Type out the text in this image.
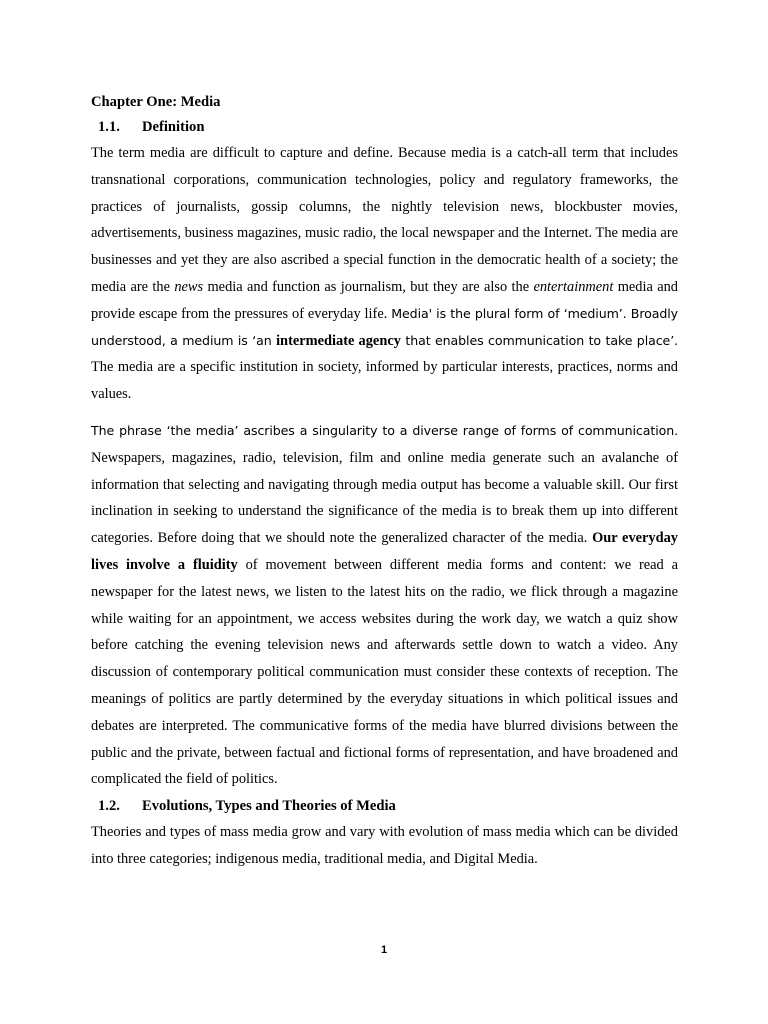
Chapter One: Media
1.1. Definition

The term media are difficult to capture and define. Because media is a catch-all term that includes transnational corporations, communication technologies, policy and regulatory frameworks, the practices of journalists, gossip columns, the nightly television news, blockbuster movies, advertisements, business magazines, music radio, the local newspaper and the Internet. The media are businesses and yet they are also ascribed a special function in the democratic health of a society; the media are the news media and function as journalism, but they are also the entertainment media and provide escape from the pressures of everyday life. Media' is the plural form of ‘medium’. Broadly understood, a medium is ‘an intermediate agency that enables communication to take place’. The media are a specific institution in society, informed by particular interests, practices, norms and values.

The phrase ‘the media’ ascribes a singularity to a diverse range of forms of communication. Newspapers, magazines, radio, television, film and online media generate such an avalanche of information that selecting and navigating through media output has become a valuable skill. Our first inclination in seeking to understand the significance of the media is to break them up into different categories. Before doing that we should note the generalized character of the media. Our everyday lives involve a fluidity of movement between different media forms and content: we read a newspaper for the latest news, we listen to the latest hits on the radio, we flick through a magazine while waiting for an appointment, we access websites during the work day, we watch a quiz show before catching the evening television news and afterwards settle down to watch a video. Any discussion of contemporary political communication must consider these contexts of reception. The meanings of politics are partly determined by the everyday situations in which political issues and debates are interpreted. The communicative forms of the media have blurred divisions between the public and the private, between factual and fictional forms of representation, and have broadened and complicated the field of politics.

1.2. Evolutions, Types and Theories of Media

Theories and types of mass media grow and vary with evolution of mass media which can be divided into three categories; indigenous media, traditional media, and Digital Media.

1
